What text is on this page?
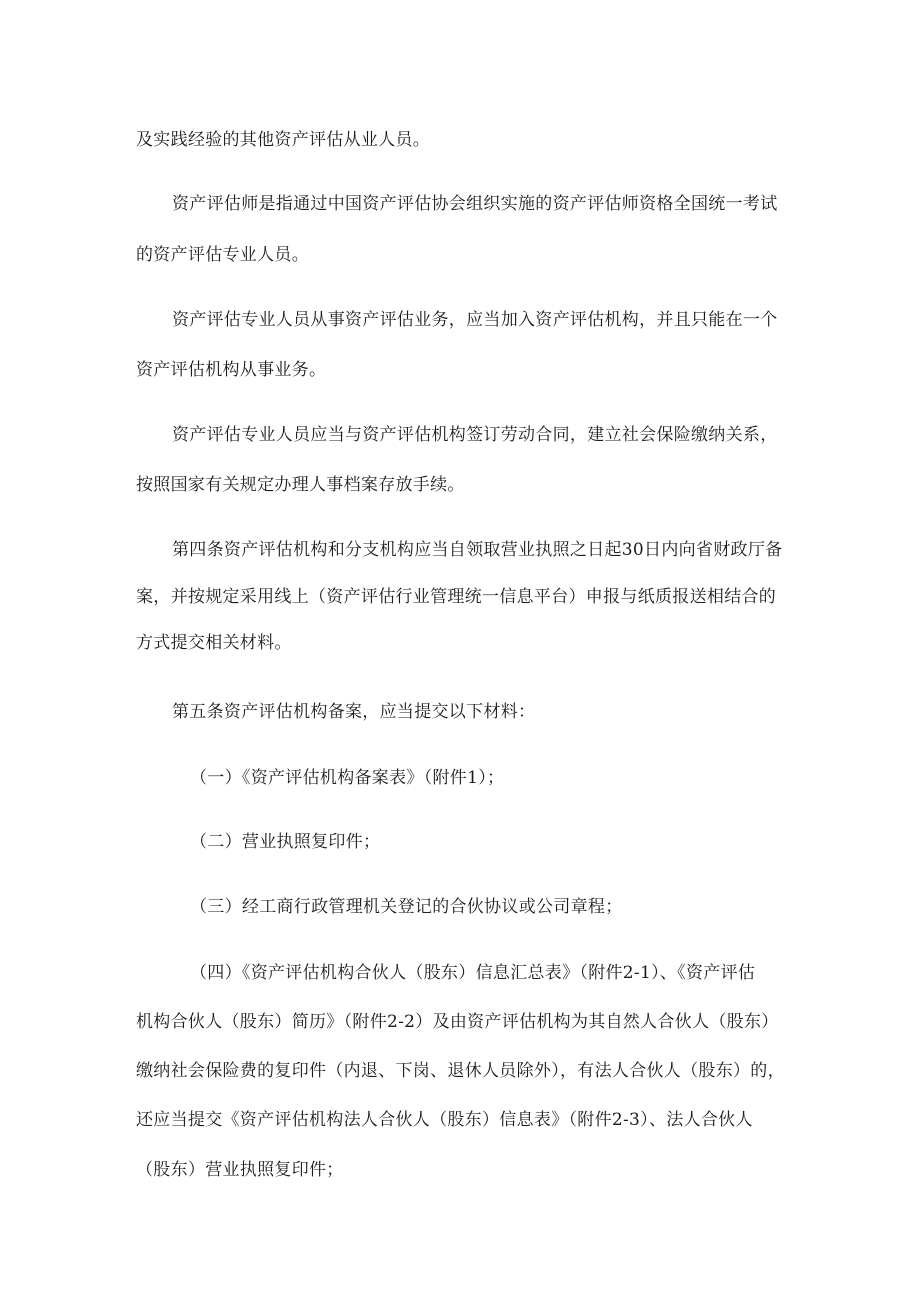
及实践经验的其他资产评估从业人员。
资产评估师是指通过中国资产评估协会组织实施的资产评估师资格全国统一考试
的资产评估专业人员。
资产评估专业人员从事资产评估业务，应当加入资产评估机构，并且只能在一个
资产评估机构从事业务。
资产评估专业人员应当与资产评估机构签订劳动合同，建立社会保险缴纳关系，
按照国家有关规定办理人事档案存放手续。
第四条资产评估机构和分支机构应当自领取营业执照之日起30日内向省财政厅备
案，并按规定采用线上（资产评估行业管理统一信息平台）申报与纸质报送相结合的
方式提交相关材料。
第五条资产评估机构备案，应当提交以下材料：
（一）《资产评估机构备案表》（附件1）；
（二）营业执照复印件；
（三）经工商行政管理机关登记的合伙协议或公司章程；
（四）《资产评估机构合伙人（股东）信息汇总表》（附件2-1）、《资产评估
机构合伙人（股东）简历》（附件2-2）及由资产评估机构为其自然人合伙人（股东）
缴纳社会保险费的复印件（内退、下岗、退休人员除外），有法人合伙人（股东）的，
还应当提交《资产评估机构法人合伙人（股东）信息表》（附件2-3）、法人合伙人
（股东）营业执照复印件；
